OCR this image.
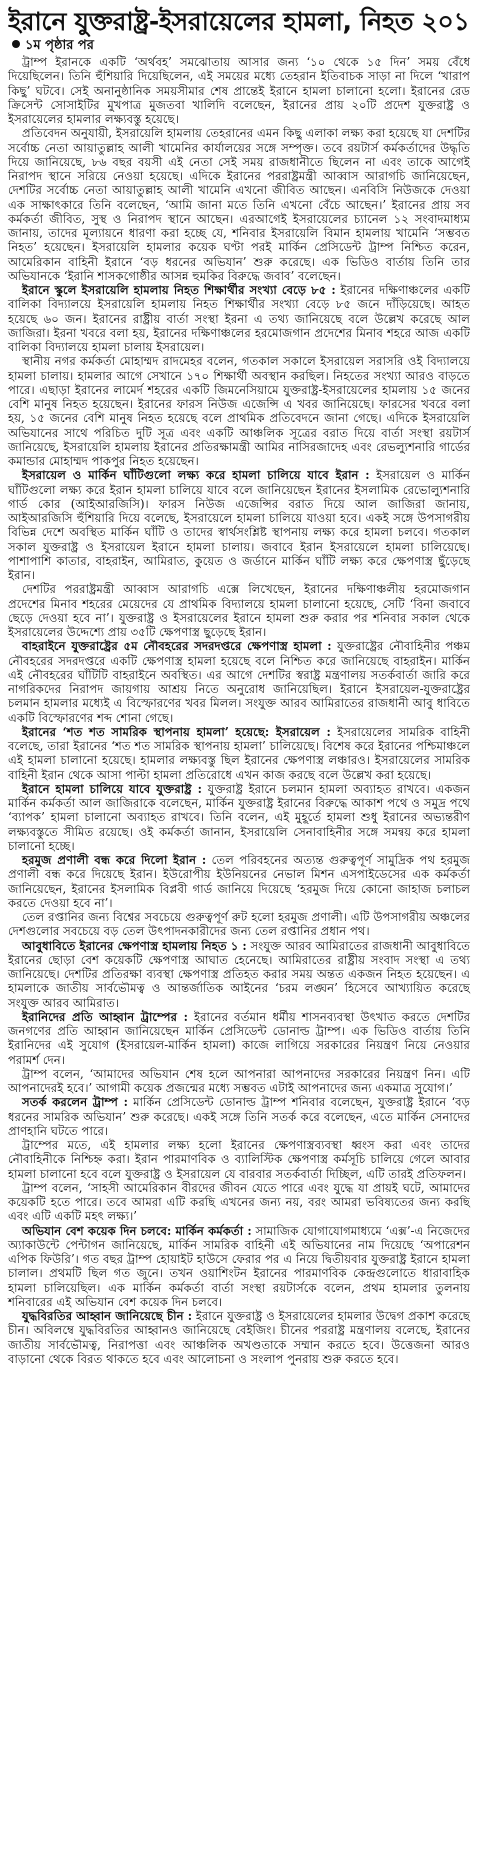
ইরানে যুক্তরাষ্ট্র-ইসরায়েলের হামলা, নিহত ২০১
১ম পৃষ্ঠার পর

ট্রাম্প ইরানকে একটি ‘অর্থবহ’ সমঝোতায় আসার জন্য ‘১০ থেকে ১৫ দিন’ সময় বেঁধে দিয়েছিলেন। তিনি হুঁশিয়ারি দিয়েছিলেন, এই সময়ের মধ্যে তেহরান ইতিবাচক সাড়া না দিলে ‘খারাপ কিছু’ ঘটবে। সেই অনানুষ্ঠানিক সময়সীমার শেষ প্রান্তেই ইরানে হামলা চালানো হলো। ইরানের রেড ক্রিসেন্ট সোসাইটির মুখপাত্র মুজতবা খালিদি বলেছেন, ইরানের প্রায় ২০টি প্রদেশ যুক্তরাষ্ট্র ও ইসরায়েলের হামলার লক্ষ্যবস্তু হয়েছে।

প্রতিবেদন অনুযায়ী, ইসরায়েলি হামলায় তেহরানের এমন কিছু এলাকা লক্ষ্য করা হয়েছে যা দেশটির সর্বোচ্চ নেতা আয়াতুল্লাহ আলী খামেনির কার্যালয়ের সঙ্গে সম্পৃক্ত। তবে রয়টার্স কর্মকর্তাদের উদ্ধৃতি দিয়ে জানিয়েছে, ৮৬ বছর বয়সী এই নেতা সেই সময় রাজধানীতে ছিলেন না এবং তাকে আগেই নিরাপদ স্থানে সরিয়ে নেওয়া হয়েছে। এদিকে ইরানের পররাষ্ট্রমন্ত্রী আব্বাস আরাগচি জানিয়েছেন, দেশটির সর্বোচ্চ নেতা আয়াতুল্লাহ আলী খামেনি এখনো জীবিত আছেন। এনবিসি নিউজকে দেওয়া এক সাক্ষাৎকারে তিনি বলেছেন, ‘আমি জানা মতে তিনি এখনো বেঁচে আছেন।’ ইরানের প্রায় সব কর্মকর্তা জীবিত, সুস্থ ও নিরাপদ স্থানে আছেন। এরআগেই ইসরায়েলের চ্যানেল ১২ সংবাদমাধ্যম জানায়, তাদের মূল্যায়নে ধারণা করা হচ্ছে যে, শনিবার ইসরায়েলি বিমান হামলায় খামেনি ‘সম্ভবত নিহত’ হয়েছেন। ইসরায়েলি হামলার কয়েক ঘণ্টা পরই মার্কিন প্রেসিডেন্ট ট্রাম্প নিশ্চিত করেন, আমেরিকান বাহিনী ইরানে ‘বড় ধরনের অভিযান’ শুরু করেছে। এক ভিডিও বার্তায় তিনি তার অভিযানকে ‘ইরানি শাসকগোষ্ঠীর আসন্ন হুমকির বিরুদ্ধে জবাব’ বলেছেন।

ইরানে স্কুলে ইসরায়েলি হামলায় নিহত শিক্ষার্থীর সংখ্যা বেড়ে ৮৫ : ইরানের দক্ষিণাঞ্চলের একটি বালিকা বিদ্যালয়ে ইসরায়েলি হামলায় নিহত শিক্ষার্থীর সংখ্যা বেড়ে ৮৫ জনে দাঁড়িয়েছে। আহত হয়েছে ৬০ জন। ইরানের রাষ্ট্রীয় বার্তা সংস্থা ইরনা এ তথ্য জানিয়েছে বলে উল্লেখ করেছে আল জাজিরা। ইরনা খবরে বলা হয়, ইরানের দক্ষিণাঞ্চলের হরমোজগান প্রদেশের মিনাব শহরে আজ একটি বালিকা বিদ্যালয়ে হামলা চালায় ইসরায়েল।

স্থানীয় নগর কর্মকর্তা মোহাম্মদ রাদমেহর বলেন, গতকাল সকালে ইসরায়েল সরাসরি ওই বিদ্যালয়ে হামলা চালায়। হামলার আগে সেখানে ১৭০ শিক্ষার্থী অবস্থান করছিল। নিহতের সংখ্যা আরও বাড়তে পারে। এছাড়া ইরানের লামের্দ শহরের একটি জিমনেসিয়ামে যুক্তরাষ্ট্র-ইসরায়েলের হামলায় ১৫ জনের বেশি মানুষ নিহত হয়েছেন। ইরানের ফারস নিউজ এজেন্সি এ খবর জানিয়েছে। ফারসের খবরে বলা হয়, ১৫ জনের বেশি মানুষ নিহত হয়েছে বলে প্রাথমিক প্রতিবেদনে জানা গেছে। এদিকে ইসরায়েলি অভিযানের সাথে পরিচিত দুটি সূত্র এবং একটি আঞ্চলিক সূত্রের বরাত দিয়ে বার্তা সংস্থা রয়টার্স জানিয়েছে, ইসরায়েলি হামলায় ইরানের প্রতিরক্ষামন্ত্রী আমির নাসিরজাদেহ এবং রেভল্যুশনারি গার্ডের কমান্ডার মোহাম্মদ পাকপুর নিহত হয়েছেন।

ইসরায়েল ও মার্কিন ঘাঁটিগুলো লক্ষ্য করে হামলা চালিয়ে যাবে ইরান : ইসরায়েল ও মার্কিন ঘাঁটিগুলো লক্ষ্য করে ইরান হামলা চালিয়ে যাবে বলে জানিয়েছেন ইরানের ইসলামিক রেভোল্যুশনারি গার্ড কোর (আইআরজিসি)। ফারস নিউজ এজেন্সির বরাত দিয়ে আল জাজিরা জানায়, আইআরজিসি হুঁশিয়ারি দিয়ে বলেছে, ইসরায়েলে হামলা চালিয়ে যাওয়া হবে। একই সঙ্গে উপসাগরীয় বিভিন্ন দেশে অবস্থিত মার্কিন ঘাঁটি ও তাদের স্বার্থসংশ্লিষ্ট স্থাপনায় লক্ষ্য করে হামলা চলবে। গতকাল সকাল যুক্তরাষ্ট্র ও ইসরায়েল ইরানে হামলা চালায়। জবাবে ইরান ইসরায়েলে হামলা চালিয়েছে। পাশাপাশি কাতার, বাহরাইন, আমিরাত, কুয়েত ও জর্ডানে মার্কিন ঘাঁটি লক্ষ্য করে ক্ষেপণাস্ত্র ছুঁড়েছে ইরান।

দেশটির পররাষ্ট্রমন্ত্রী আব্বাস আরাগচি এক্সে লিখেছেন, ইরানের দক্ষিণাঞ্চলীয় হরমোজগান প্রদেশের মিনাব শহরের মেয়েদের যে প্রাথমিক বিদ্যালয়ে হামলা চালানো হয়েছে, সেটি ‘বিনা জবাবে ছেড়ে দেওয়া হবে না’। যুক্তরাষ্ট্র ও ইসরায়েলের ইরানে হামলা শুরু করার পর শনিবার সকাল থেকে ইসরায়েলের উদ্দেশ্যে প্রায় ৩৫টি ক্ষেপণাস্ত্র ছুড়েছে ইরান।

বাহরাইনে যুক্তরাষ্ট্রের ৫ম নৌবহরের সদরদপ্তরে ক্ষেপণাস্ত্র হামলা : যুক্তরাষ্ট্রের নৌবাহিনীর পঞ্চম নৌবহরের সদরদপ্তরে একটি ক্ষেপণাস্ত্র হামলা হয়েছে বলে নিশ্চিত করে জানিয়েছে বাহরাইন। মার্কিন এই নৌবহরের ঘাঁটিটি বাহরাইনে অবস্থিত। এর আগে দেশটির স্বরাষ্ট্র মন্ত্রণালয় সতর্কবার্তা জারি করে নাগরিকদের নিরাপদ জায়গায় আশ্রয় নিতে অনুরোধ জানিয়েছিল। ইরানে ইসরায়েল-যুক্তরাষ্ট্রের চলমান হামলার মধ্যেই এ বিস্ফোরণের খবর মিলল। সংযুক্ত আরব আমিরাতের রাজধানী আবু ধাবিতে একটি বিস্ফোরণের শব্দ শোনা গেছে।

ইরানের ‘শত শত সামরিক স্থাপনায় হামলা’ হয়েছে: ইসরায়েল : ইসরায়েলের সামরিক বাহিনী বলেছে, তারা ইরানের ‘শত শত সামরিক স্থাপনায় হামলা’ চালিয়েছে। বিশেষ করে ইরানের পশ্চিমাঞ্চলে এই হামলা চালানো হয়েছে। হামলার লক্ষ্যবস্তু ছিল ইরানের ক্ষেপণাস্ত্র লঞ্চারও। ইসরায়েলের সামরিক বাহিনী ইরান থেকে আসা পাল্টা হামলা প্রতিরোধে এখন কাজ করছে বলে উল্লেখ করা হয়েছে।

ইরানে হামলা চালিয়ে যাবে যুক্তরাষ্ট্র : যুক্তরাষ্ট্র ইরানে চলমান হামলা অব্যাহত রাখবে। একজন মার্কিন কর্মকর্তা আল জাজিরাকে বলেছেন, মার্কিন যুক্তরাষ্ট্র ইরানের বিরুদ্ধে আকাশ পথে ও সমুদ্র পথে ‘ব্যাপক’ হামলা চালানো অব্যাহত রাখবে। তিনি বলেন, এই মুহূর্তে হামলা শুধু ইরানের অভ্যন্তরীণ লক্ষ্যবস্তুতে সীমিত রয়েছে। ওই কর্মকর্তা জানান, ইসরায়েলি সেনাবাহিনীর সঙ্গে সমন্বয় করে হামলা চালানো হচ্ছে।

হরমুজ প্রণালী বন্ধ করে দিলো ইরান : তেল পরিবহনের অত্যন্ত গুরুত্বপূর্ণ সামুদ্রিক পথ হরমুজ প্রণালী বন্ধ করে দিয়েছে ইরান। ইউরোপীয় ইউনিয়নের নেভাল মিশন এসপাইডেসের এক কর্মকর্তা জানিয়েছেন, ইরানের ইসলামিক বিপ্লবী গার্ড জানিয়ে দিয়েছে ‘হরমুজ দিয়ে কোনো জাহাজ চলাচল করতে দেওয়া হবে না’।

তেল রপ্তানির জন্য বিশ্বের সবচেয়ে গুরুত্বপূর্ণ রুট হলো হরমুজ প্রণালী। এটি উপসাগরীয় অঞ্চলের দেশগুলোর সবচেয়ে বড় তেল উৎপাদনকারীদের জন্য তেল রপ্তানির প্রধান পথ।

আবুধাবিতে ইরানের ক্ষেপণাস্ত্র হামলায় নিহত ১ : সংযুক্ত আরব আমিরাতের রাজধানী আবুধাবিতে ইরানের ছোড়া বেশ কয়েকটি ক্ষেপণাস্ত্র আঘাত হেনেছে। আমিরাতের রাষ্ট্রীয় সংবাদ সংস্থা এ তথ্য জানিয়েছে। দেশটির প্রতিরক্ষা ব্যবস্থা ক্ষেপণাস্ত্র প্রতিহত করার সময় অন্তত একজন নিহত হয়েছেন। এ হামলাকে জাতীয় সার্বভৌমত্ব ও আন্তর্জাতিক আইনের ‘চরম লঙ্ঘন’ হিসেবে আখ্যায়িত করেছে সংযুক্ত আরব আমিরাত।

ইরানিদের প্রতি আহ্বান ট্রাম্পের : ইরানের বর্তমান ধর্মীয় শাসনব্যবস্থা উৎখাত করতে দেশটির জনগণের প্রতি আহ্বান জানিয়েছেন মার্কিন প্রেসিডেন্ট ডোনাল্ড ট্রাম্প। এক ভিডিও বার্তায় তিনি ইরানিদের এই সুযোগ (ইসরায়েল-মার্কিন হামলা) কাজে লাগিয়ে সরকারের নিয়ন্ত্রণ নিয়ে নেওয়ার পরামর্শ দেন।

ট্রাম্প বলেন, ‘আমাদের অভিযান শেষ হলে আপনারা আপনাদের সরকারের নিয়ন্ত্রণ নিন। এটি আপনাদেরই হবে।’ আগামী কয়েক প্রজন্মের মধ্যে সম্ভবত এটাই আপনাদের জন্য একমাত্র সুযোগ।’

সতর্ক করলেন ট্রাম্প : মার্কিন প্রেসিডেন্ট ডোনাল্ড ট্রাম্প শনিবার বলেছেন, যুক্তরাষ্ট্র ইরানে ‘বড় ধরনের সামরিক অভিযান’ শুরু করেছে। একই সঙ্গে তিনি সতর্ক করে বলেছেন, এতে মার্কিন সেনাদের প্রাণহানি ঘটতে পারে।

ট্রাম্পের মতে, এই হামলার লক্ষ্য হলো ইরানের ক্ষেপণাস্ত্রব্যবস্থা ধ্বংস করা এবং তাদের নৌবাহিনীকে নিশ্চিহ্ন করা। ইরান পারমাণবিক ও ব্যালিস্টিক ক্ষেপণাস্ত্র কর্মসূচি চালিয়ে গেলে আবার হামলা চালানো হবে বলে যুক্তরাষ্ট্র ও ইসরায়েল যে বারবার সতর্কবার্তা দিচ্ছিল, এটি তারই প্রতিফলন।

ট্রাম্প বলেন, ‘সাহসী আমেরিকান বীরদের জীবন যেতে পারে এবং যুদ্ধে যা প্রায়ই ঘটে, আমাদের কয়েকটি হতে পারে। তবে আমরা এটি করছি এখনের জন্য নয়, বরং আমরা ভবিষ্যতের জন্য করছি এবং এটি একটি মহৎ লক্ষ্য।’

অভিযান বেশ কয়েক দিন চলবে: মার্কিন কর্মকর্তা : সামাজিক যোগাযোগমাধ্যমে ‘এক্স’-এ নিজেদের অ্যাকাউন্টে পেন্টাগন জানিয়েছে, মার্কিন সামরিক বাহিনী এই অভিযানের নাম দিয়েছে ‘অপারেশন এপিক ফিউরি’। গত বছর ট্রাম্প হোয়াইট হাউসে ফেরার পর এ নিয়ে দ্বিতীয়বার যুক্তরাষ্ট্র ইরানে হামলা চালাল। প্রথমটি ছিল গত জুনে। তখন ওয়াশিংটন ইরানের পারমাণবিক কেন্দ্রগুলোতে ধারাবাহিক হামলা চালিয়েছিল। এক মার্কিন কর্মকর্তা বার্তা সংস্থা রয়টার্সকে বলেন, প্রথম হামলার তুলনায় শনিবারের এই অভিযান বেশ কয়েক দিন চলবে।

যুদ্ধবিরতির আহ্বান জানিয়েছে চীন : ইরানে যুক্তরাষ্ট্র ও ইসরায়েলের হামলার উদ্বেগ প্রকাশ করেছে চীন। অবিলম্বে যুদ্ধবিরতির আহ্বানও জানিয়েছে বেইজিং। চীনের পররাষ্ট্র মন্ত্রণালয় বলেছে, ইরানের জাতীয় সার্বভৌমত্ব, নিরাপত্তা এবং আঞ্চলিক অখণ্ডতাকে সম্মান করতে হবে। উত্তেজনা আরও বাড়ানো থেকে বিরত থাকতে হবে এবং আলোচনা ও সংলাপ পুনরায় শুরু করতে হবে।
